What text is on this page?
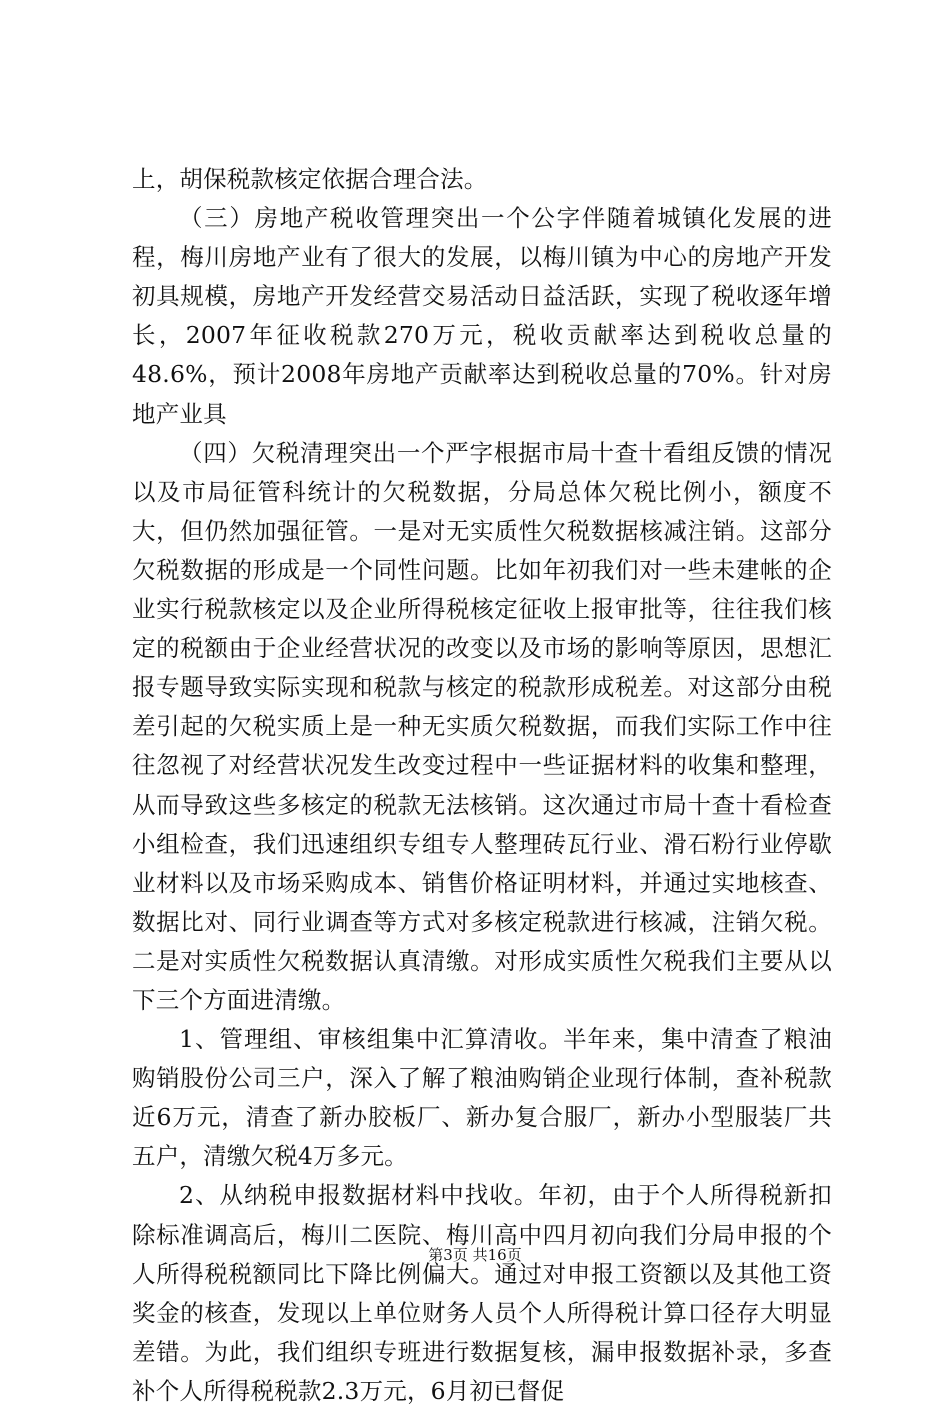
上，胡保税款核定依据合理合法。

（三）房地产税收管理突出一个公字伴随着城镇化发展的进程，梅川房地产业有了很大的发展，以梅川镇为中心的房地产开发初具规模，房地产开发经营交易活动日益活跃，实现了税收逐年增长，2007年征收税款270万元，税收贡献率达到税收总量的48.6%，预计2008年房地产贡献率达到税收总量的70%。针对房地产业具

（四）欠税清理突出一个严字根据市局十查十看组反馈的情况以及市局征管科统计的欠税数据，分局总体欠税比例小，额度不大，但仍然加强征管。一是对无实质性欠税数据核减注销。这部分欠税数据的形成是一个同性问题。比如年初我们对一些未建帐的企业实行税款核定以及企业所得税核定征收上报审批等，往往我们核定的税额由于企业经营状况的改变以及市场的影响等原因，思想汇报专题导致实际实现和税款与核定的税款形成税差。对这部分由税差引起的欠税实质上是一种无实质欠税数据，而我们实际工作中往往忽视了对经营状况发生改变过程中一些证据材料的收集和整理，从而导致这些多核定的税款无法核销。这次通过市局十查十看检查小组检查，我们迅速组织专组专人整理砖瓦行业、滑石粉行业停歇业材料以及市场采购成本、销售价格证明材料，并通过实地核查、数据比对、同行业调查等方式对多核定税款进行核减，注销欠税。二是对实质性欠税数据认真清缴。对形成实质性欠税我们主要从以下三个方面进清缴。

1、管理组、审核组集中汇算清收。半年来，集中清查了粮油购销股份公司三户，深入了解了粮油购销企业现行体制，查补税款近6万元，清查了新办胶板厂、新办复合服厂，新办小型服装厂共五户，清缴欠税4万多元。

2、从纳税申报数据材料中找收。年初，由于个人所得税新扣除标准调高后，梅川二医院、梅川高中四月初向我们分局申报的个人所得税税额同比下降比例偏大。通过对申报工资额以及其他工资奖金的核查，发现以上单位财务人员个人所得税计算口径存大明显差错。为此，我们组织专班进行数据复核，漏申报数据补录，多查补个人所得税税款2.3万元，6月初已督促

第3页 共16页
